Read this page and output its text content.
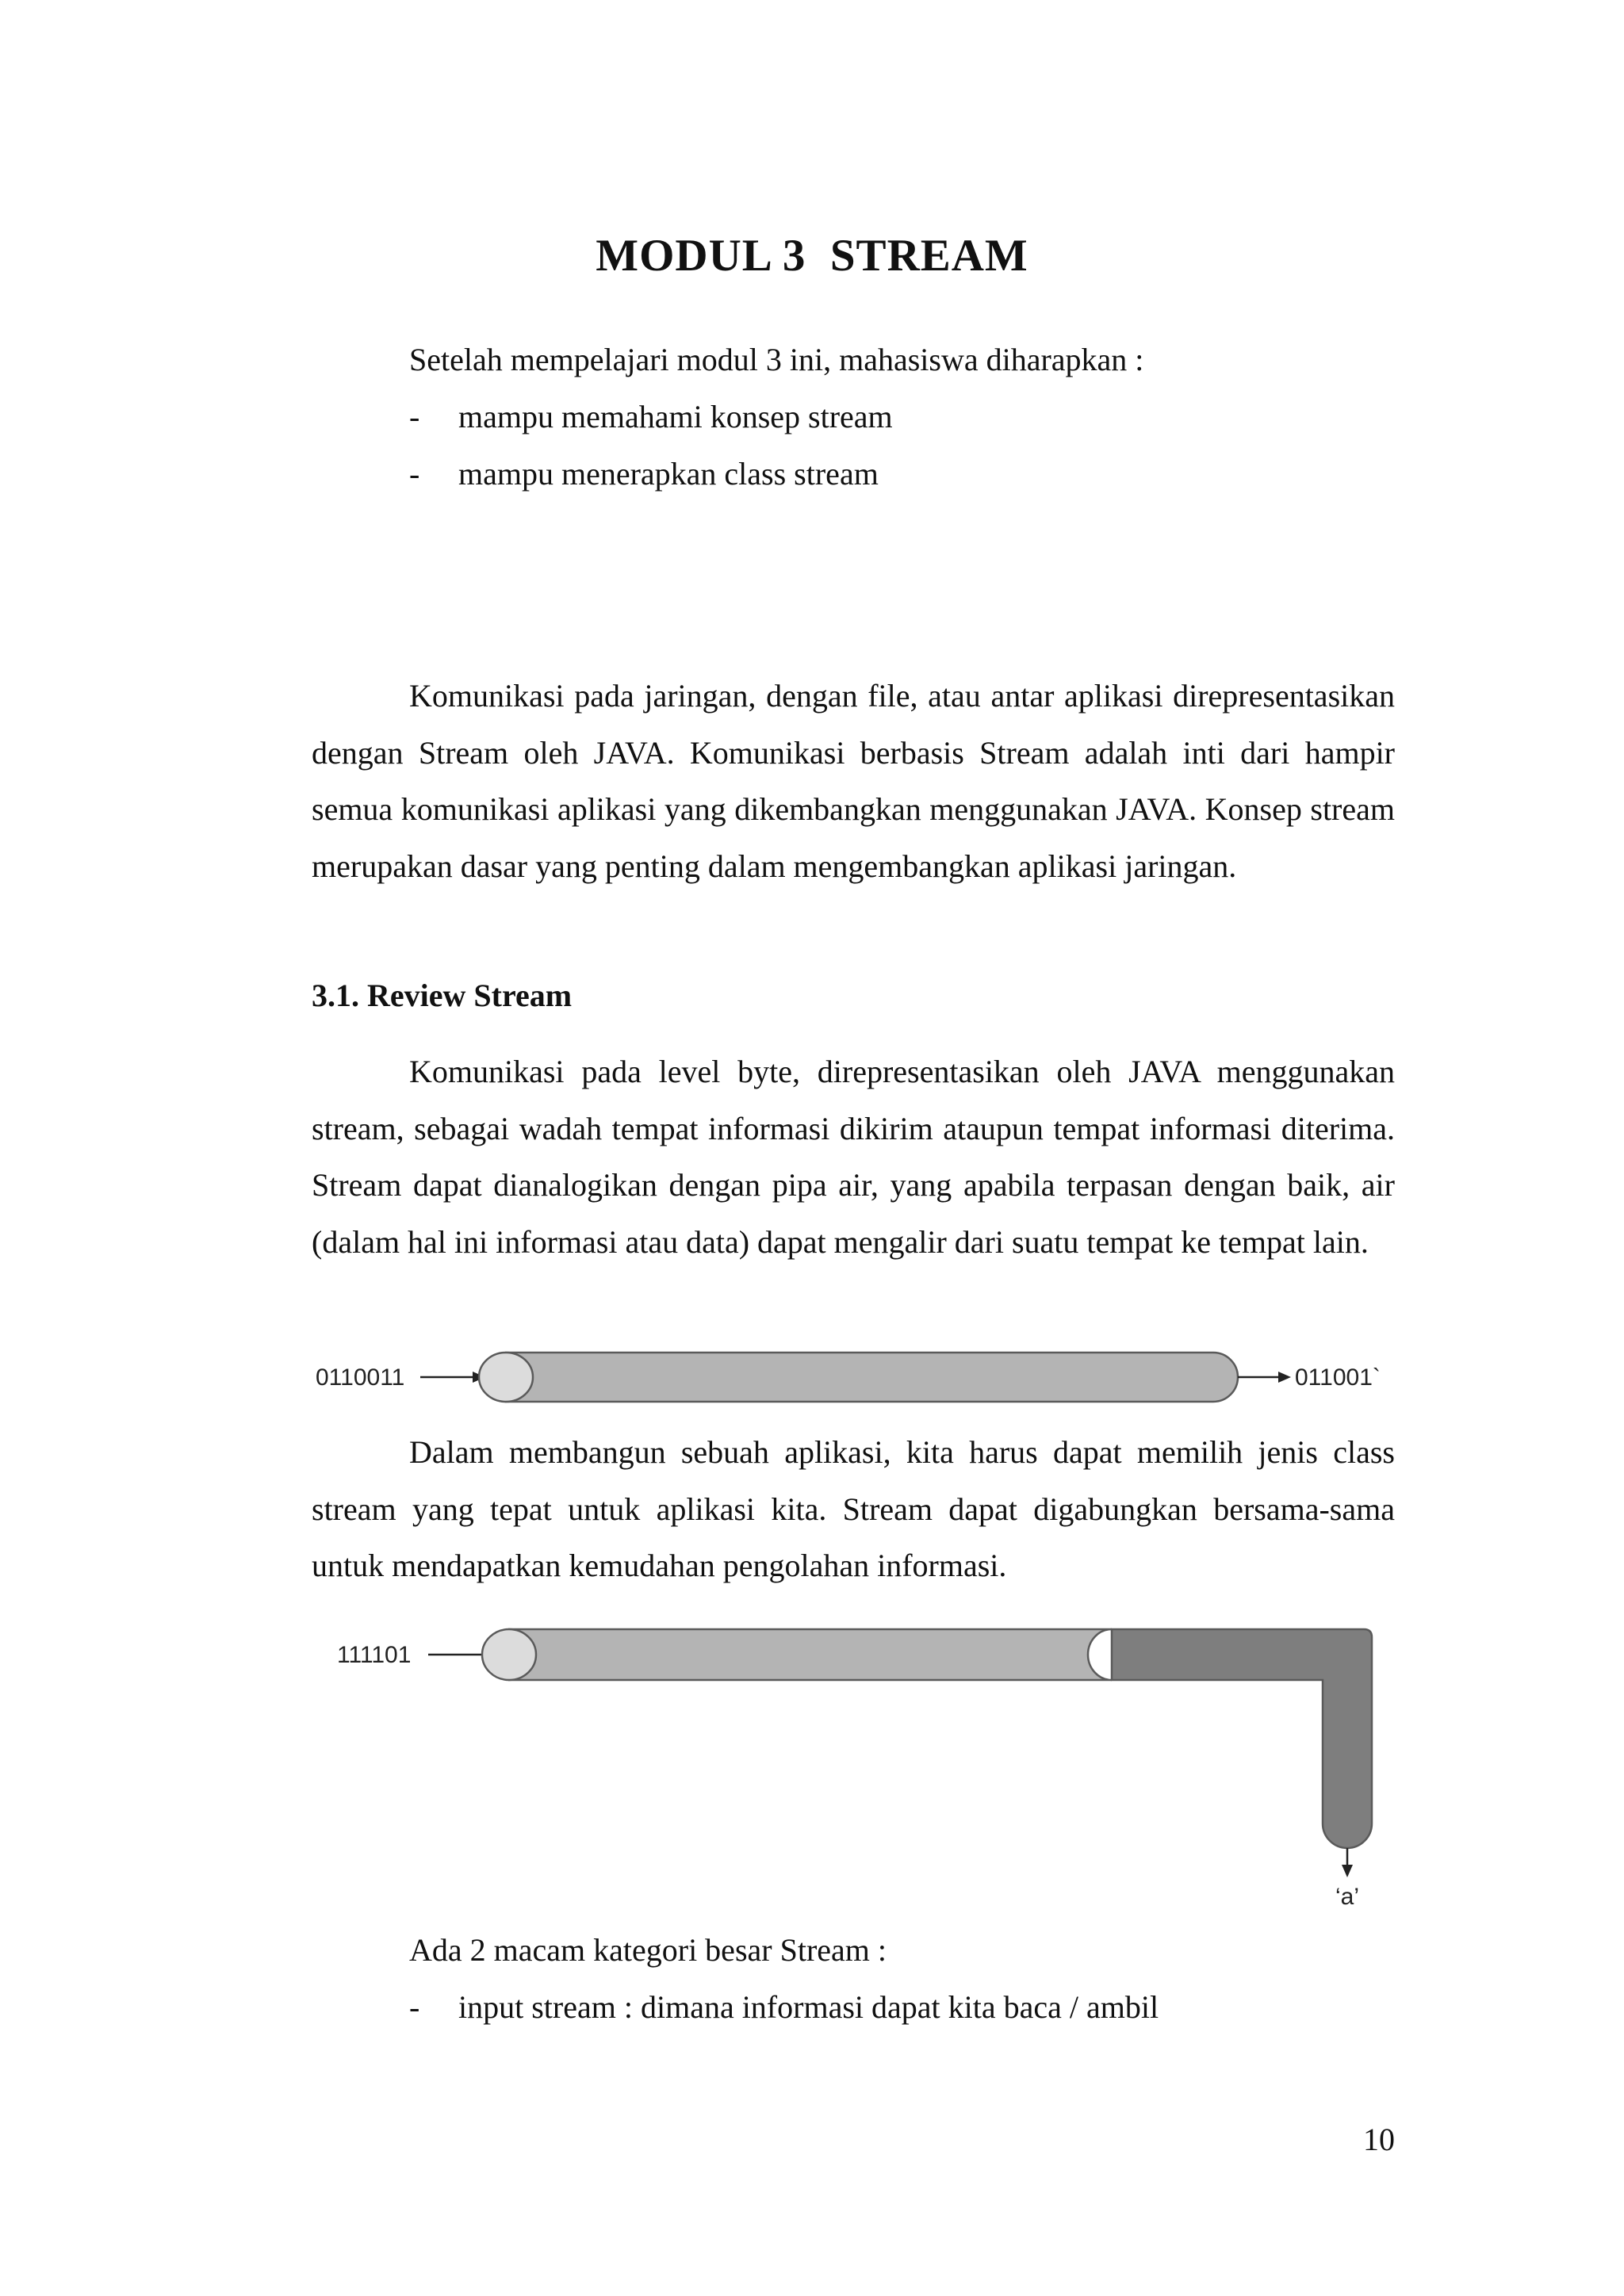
MODUL 3  STREAM
Setelah mempelajari modul 3 ini, mahasiswa diharapkan :
- mampu memahami konsep stream
- mampu menerapkan class stream

Komunikasi pada jaringan, dengan file, atau antar aplikasi direpresentasikan dengan Stream oleh JAVA. Komunikasi berbasis Stream adalah inti dari hampir semua komunikasi aplikasi yang dikembangkan menggunakan JAVA. Konsep stream merupakan dasar yang penting dalam mengembangkan aplikasi jaringan.

3.1. Review Stream

Komunikasi pada level byte, direpresentasikan oleh JAVA menggunakan stream, sebagai wadah tempat informasi dikirim ataupun tempat informasi diterima. Stream dapat dianalogikan dengan pipa air, yang apabila terpasan dengan baik, air (dalam hal ini informasi atau data) dapat mengalir dari suatu tempat ke tempat lain.

0110011	011001`

Dalam membangun sebuah aplikasi, kita harus dapat memilih jenis class stream yang tepat untuk aplikasi kita. Stream dapat digabungkan bersama-sama untuk mendapatkan kemudahan pengolahan informasi.

111101
‘a’
Ada 2 macam kategori besar Stream :
- input stream : dimana informasi dapat kita baca / ambil
10
